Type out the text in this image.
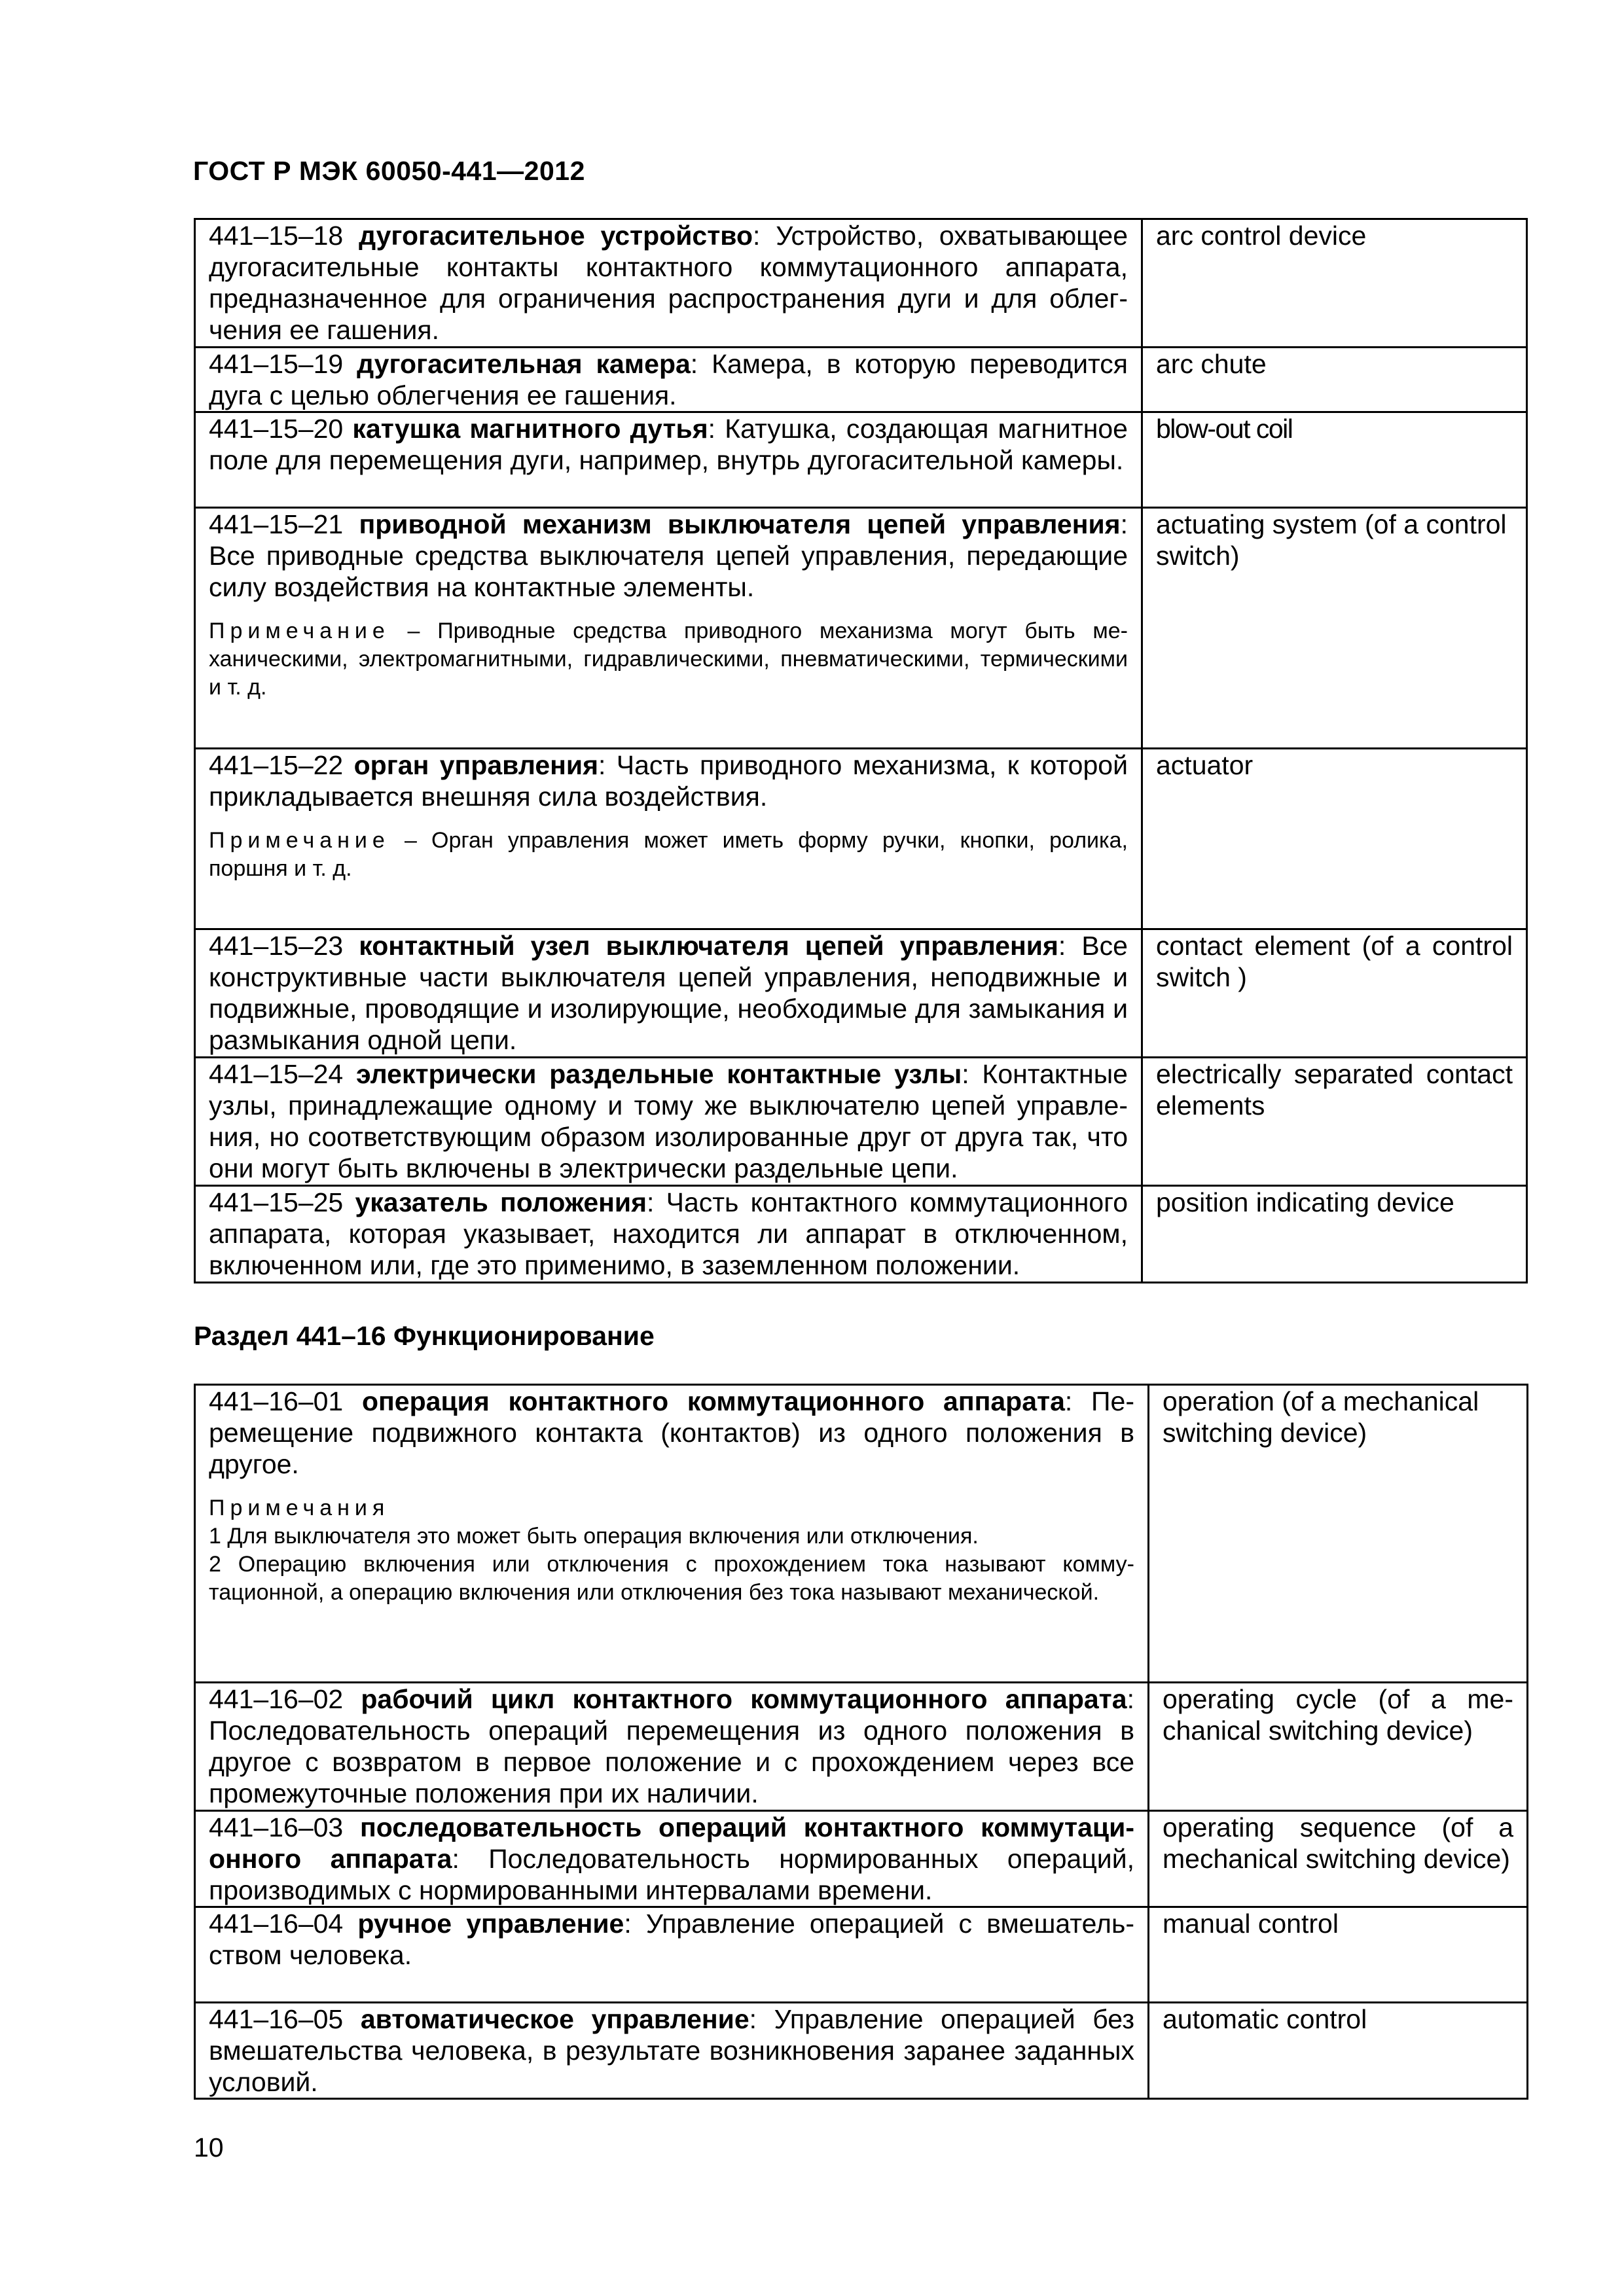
ГОСТ Р МЭК 60050-441—2012
441–15–18 дугогасительное устройство: Устройство, охватывающее дугогасительные контакты контактного коммутационного аппарата, предназначенное для ограничения распространения дуги и для облегчения ее гашения.	arc control device
441–15–19 дугогасительная камера: Камера, в которую переводится дуга с целью облегчения ее гашения.	arc chute
441–15–20 катушка магнитного дутья: Катушка, создающая магнитное поле для перемещения дуги, например, внутрь дугогасительной камеры.	blow-out coil

441–15–21 приводной механизм выключателя цепей управления: Все приводные средства выключателя цепей управления, передающие силу воздействия на контактные элементы.
Примечание – Приводные средства приводного механизма могут быть механическими, электромагнитными, гидравлическими, пневматическими, термическими и т. д.	actuating system (of a control switch)

441–15–22 орган управления: Часть приводного механизма, к которой прикладывается внешняя сила воздействия.
Примечание – Орган управления может иметь форму ручки, кнопки, ролика, поршня и т. д.	actuator
441–15–23 контактный узел выключателя цепей управления: Все конструктивные части выключателя цепей управления, неподвижные и подвижные, проводящие и изолирующие, необходимые для замыкания и размыкания одной цепи.	contact element (of a control switch )
441–15–24 электрически раздельные контактные узлы: Контактные узлы, принадлежащие одному и тому же выключателю цепей управления, но соответствующим образом изолированные друг от друга так, что они могут быть включены в электрически раздельные цепи.	electrically separated contact elements
441–15–25 указатель положения: Часть контактного коммутационного аппарата, которая указывает, находится ли аппарат в отключенном, включенном или, где это применимо, в заземленном положении.	position indicating device
Раздел 441–16 Функционирование
441–16–01 операция контактного коммутационного аппарата: Перемещение подвижного контакта (контактов) из одного положения в другое.
Примечания
1 Для выключателя это может быть операция включения или отключения.
2 Операцию включения или отключения с прохождением тока называют коммутационной, а операцию включения или отключения без тока называют механической.	operation (of a mechanical switching device)
441–16–02 рабочий цикл контактного коммутационного аппарата: Последовательность операций перемещения из одного положения в другое с возвратом в первое положение и с прохождением через все промежуточные положения при их наличии.	operating cycle (of a mechanical switching device)
441–16–03 последовательность операций контактного коммутационного аппарата: Последовательность нормированных операций, производимых с нормированными интервалами времени.	operating sequence (of a mechanical switching device)
441–16–04 ручное управление: Управление операцией с вмешательством человека.	manual control
441–16–05 автоматическое управление: Управление операцией без вмешательства человека, в результате возникновения заранее заданных условий.	automatic control
10
